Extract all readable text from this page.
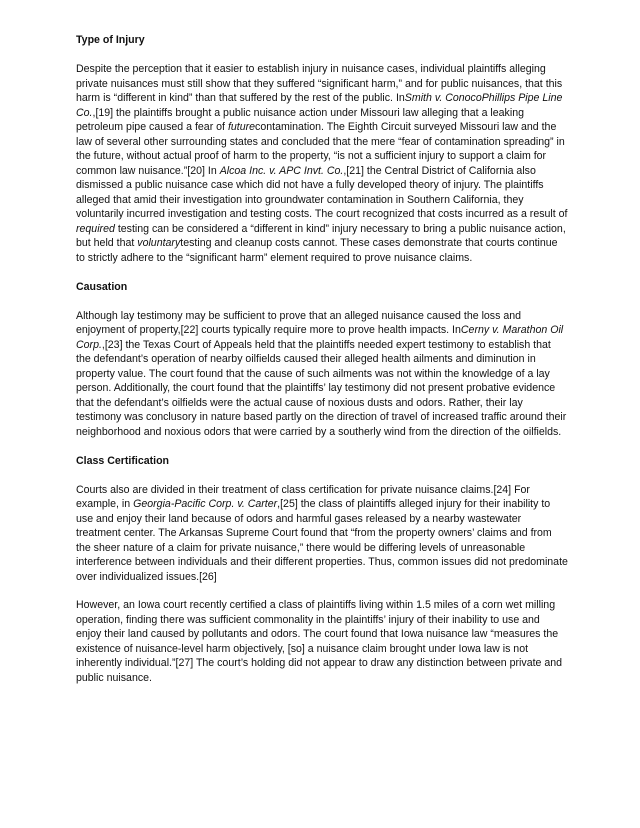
Type of Injury

Despite the perception that it easier to establish injury in nuisance cases, individual plaintiffs alleging private nuisances must still show that they suffered “significant harm,” and for public nuisances, that this harm is “different in kind” than that suffered by the rest of the public. InSmith v. ConocoPhillips Pipe Line Co.,[19] the plaintiffs brought a public nuisance action under Missouri law alleging that a leaking petroleum pipe caused a fear of futurecontamination. The Eighth Circuit surveyed Missouri law and the law of several other surrounding states and concluded that the mere “fear of contamination spreading” in the future, without actual proof of harm to the property, “is not a sufficient injury to support a claim for common law nuisance.”[20] In Alcoa Inc. v. APC Invt. Co.,[21] the Central District of California also dismissed a public nuisance case which did not have a fully developed theory of injury. The plaintiffs alleged that amid their investigation into groundwater contamination in Southern California, they voluntarily incurred investigation and testing costs. The court recognized that costs incurred as a result of required testing can be considered a “different in kind” injury necessary to bring a public nuisance action, but held that voluntarytesting and cleanup costs cannot. These cases demonstrate that courts continue to strictly adhere to the “significant harm” element required to prove nuisance claims.

Causation

Although lay testimony may be sufficient to prove that an alleged nuisance caused the loss and enjoyment of property,[22] courts typically require more to prove health impacts. InCerny v. Marathon Oil Corp.,[23] the Texas Court of Appeals held that the plaintiffs needed expert testimony to establish that the defendant’s operation of nearby oilfields caused their alleged health ailments and diminution in property value. The court found that the cause of such ailments was not within the knowledge of a lay person. Additionally, the court found that the plaintiffs’ lay testimony did not present probative evidence that the defendant’s oilfields were the actual cause of noxious dusts and odors. Rather, their lay testimony was conclusory in nature based partly on the direction of travel of increased traffic around their neighborhood and noxious odors that were carried by a southerly wind from the direction of the oilfields.

Class Certification

Courts also are divided in their treatment of class certification for private nuisance claims.[24] For example, in Georgia-Pacific Corp. v. Carter,[25] the class of plaintiffs alleged injury for their inability to use and enjoy their land because of odors and harmful gases released by a nearby wastewater treatment center. The Arkansas Supreme Court found that “from the property owners’ claims and from the sheer nature of a claim for private nuisance,” there would be differing levels of unreasonable interference between individuals and their different properties. Thus, common issues did not predominate over individualized issues.[26]

However, an Iowa court recently certified a class of plaintiffs living within 1.5 miles of a corn wet milling operation, finding there was sufficient commonality in the plaintiffs’ injury of their inability to use and enjoy their land caused by pollutants and odors. The court found that Iowa nuisance law “measures the existence of nuisance-level harm objectively, [so] a nuisance claim brought under Iowa law is not inherently individual.”[27] The court’s holding did not appear to draw any distinction between private and public nuisance.
